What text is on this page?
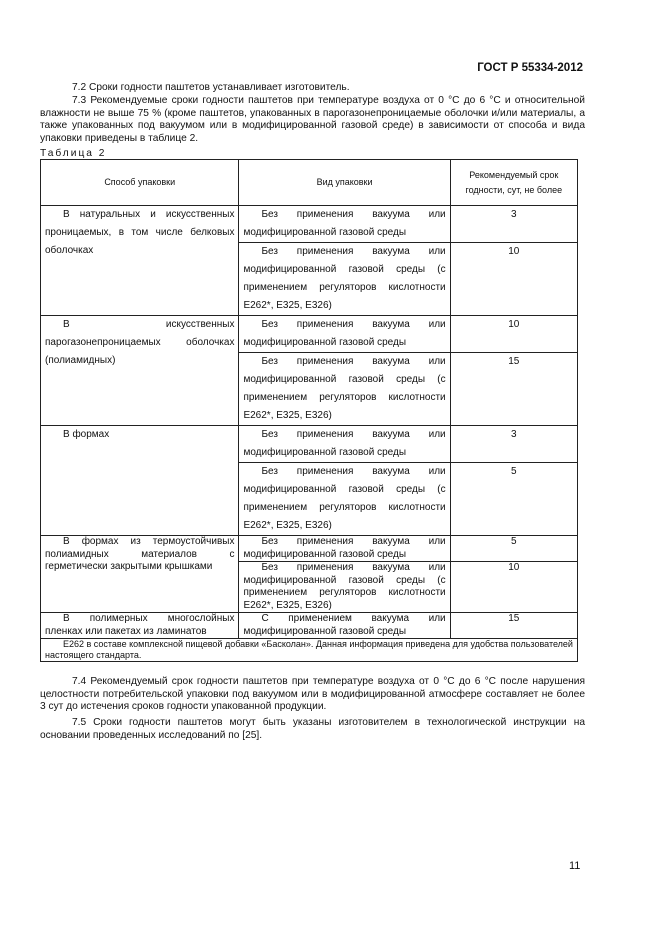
ГОСТ Р 55334-2012

7.2 Сроки годности паштетов устанавливает изготовитель.

7.3 Рекомендуемые сроки годности паштетов при температуре воздуха от 0 °С до 6 °С и относительной влажности не выше 75 % (кроме паштетов, упакованных в парогазонепроницаемые оболочки и/или материалы, а также упакованных под вакуумом или в модифицированной газовой среде) в зависимости от способа и вида упаковки приведены в таблице 2.

Таблица 2
Способ упаковки	Вид упаковки	Рекомендуемый срок годности, сут, не более

В натуральных и искусственных проницаемых, в том числе белковых оболочках	Без применения вакуума или модифицированной газовой среды	3

	Без применения вакуума или модифицированной газовой среды (с применением регуляторов кислотности Е262*, Е325, Е326)	10

В искусственных парогазонепроницаемых оболочках (полиамидных)	Без применения вакуума или модифицированной газовой среды	10

	Без применения вакуума или модифицированной газовой среды (с применением регуляторов кислотности Е262*, Е325, Е326)	15

В формах	Без применения вакуума или модифицированной газовой среды	3

	Без применения вакуума или модифицированной газовой среды (с применением регуляторов кислотности Е262*, Е325, Е326)	5

В формах из термоустойчивых полиамидных материалов с герметически закрытыми крышками	Без применения вакуума или модифицированной газовой среды	5

	Без применения вакуума или модифицированной газовой среды (с применением регуляторов кислотности Е262*, Е325, Е326)	10

В полимерных многослойных пленках или пакетах из ламинатов	С применением вакуума или модифицированной газовой среды	15
Е262 в составе комплексной пищевой добавки «Басколан». Данная информация приведена для удобства пользователей настоящего стандарта.		

7.4 Рекомендуемый срок годности паштетов при температуре воздуха от 0 °С до 6 °С после нарушения целостности потребительской упаковки под вакуумом или в модифицированной атмосфере составляет не более 3 сут до истечения сроков годности упакованной продукции.

7.5 Сроки годности паштетов могут быть указаны изготовителем в технологической инструкции на основании проведенных исследований по [25].

11
